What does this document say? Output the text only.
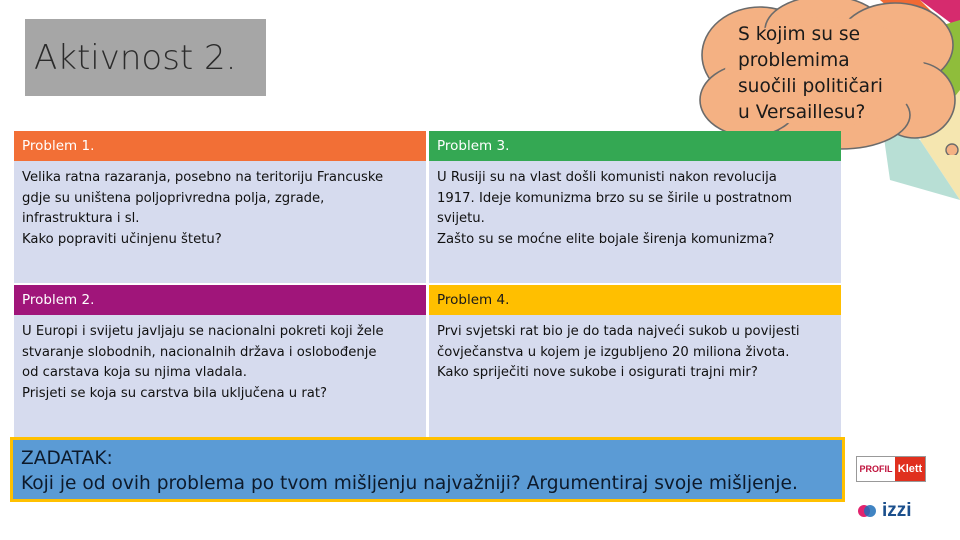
Aktivnost 2.
S kojim su se
problemima
suočili političari
u Versaillesu?
Problem 1.

Velika ratna razaranja, posebno na teritoriju Francuske

gdje su uništena poljoprivredna polja, zgrade,

infrastruktura i sl.

Kako popraviti učinjenu štetu?

Problem 3.

U Rusiji su na vlast došli komunisti nakon revolucija

1917. Ideje komunizma brzo su se širile u postratnom

svijetu.

Zašto su se moćne elite bojale širenja komunizma?

Problem 2.

U Europi i svijetu javljaju se nacionalni pokreti koji žele

stvaranje slobodnih, nacionalnih država i oslobođenje

od carstava koja su njima vladala.

Prisjeti se koja su carstva bila uključena u rat?

Problem 4.

Prvi svjetski rat bio je do tada najveći sukob u povijesti

čovječanstva u kojem je izgubljeno 20 miliona života.

Kako spriječiti nove sukobe i osigurati trajni mir?

ZADATAK:

Koji je od ovih problema po tvom mišljenju najvažniji? Argumentiraj svoje mišljenje.

PROFIL Klett
izzi
